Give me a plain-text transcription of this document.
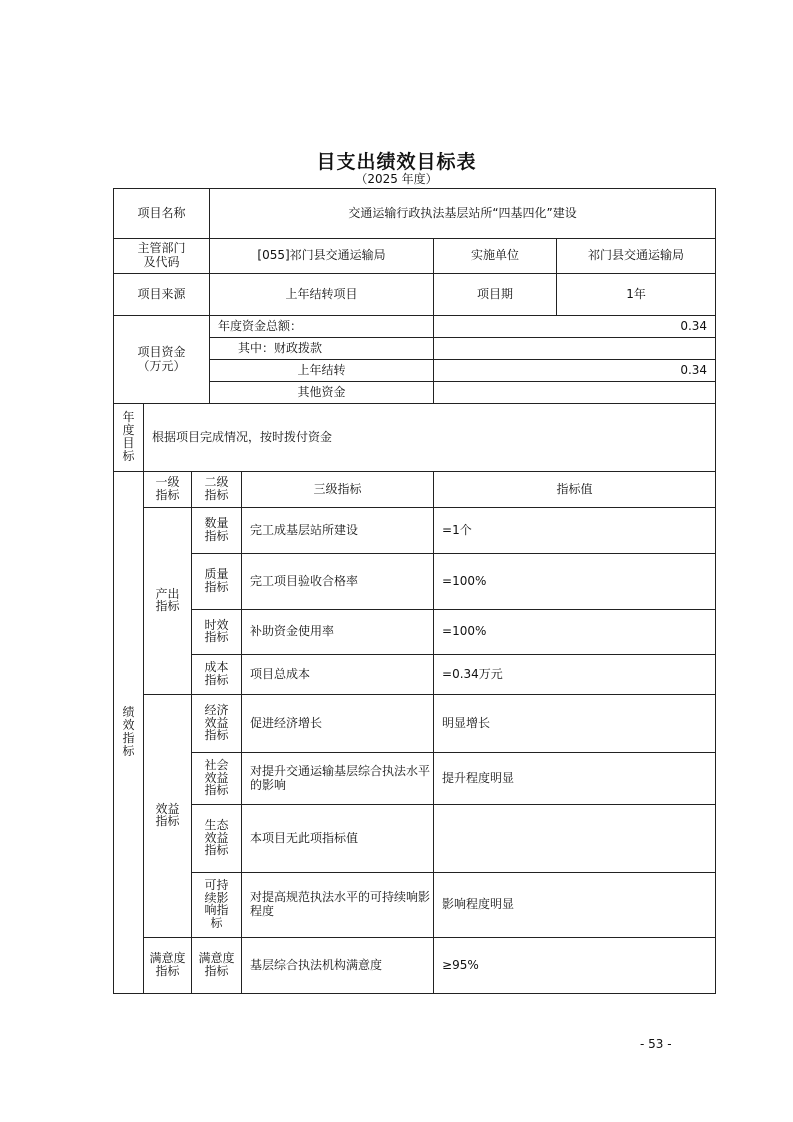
目支出绩效目标表
（2025 年度）
项目名称			交通运输行政执法基层站所“四基四化”建设			
主管部门及代码			[055]祁门县交通运输局		实施单位	祁门县交通运输局
项目来源			上年结转项目		项目期	1年
项目资金（万元）			年度资金总额：		0.34	
			其中：财政拨款			
			上年结转		0.34	
			其他资金			
年度目标	根据项目完成情况，按时拨付资金					
绩效指标	一级指标	二级指标		三级指标	指标值	
	产出指标	数量指标		完工成基层站所建设	=1个	
		质量指标		完工项目验收合格率	=100%	
		时效指标		补助资金使用率	=100%	
		成本指标		项目总成本	=0.34万元	
	效益指标	经济效益指标		促进经济增长	明显增长	
		社会效益指标		对提升交通运输基层综合执法水平的影响	提升程度明显	
		生态效益指标		本项目无此项指标值		
		可持续影响指标		对提高规范执法水平的可持续响影程度	影响程度明显	
	满意度指标	满意度指标		基层综合执法机构满意度	≥95%	
- 53 -
